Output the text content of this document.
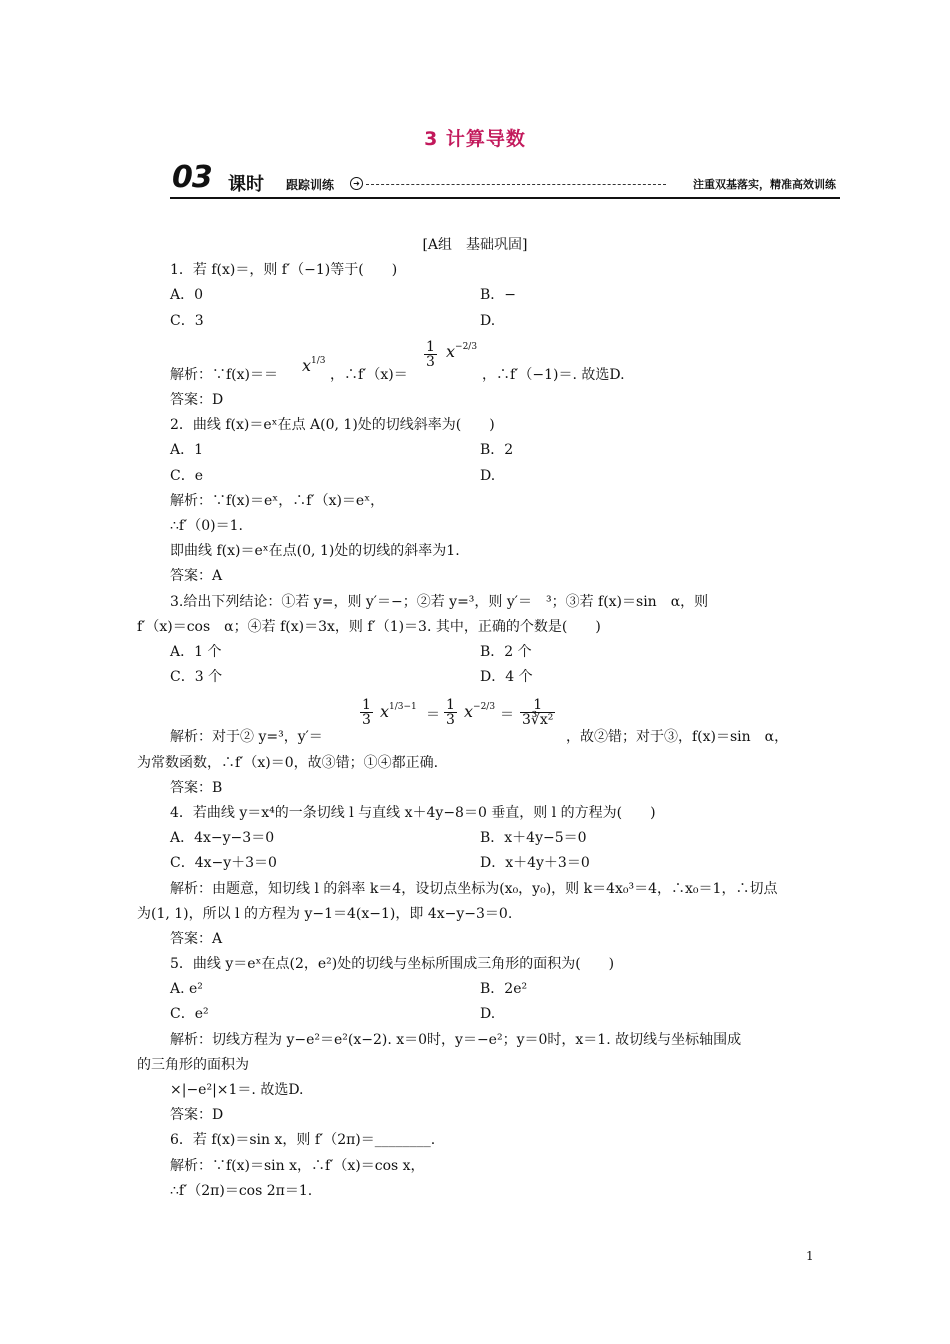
3 计算导数
03 课时 跟踪训练	➜	注重双基落实，精准高效训练
[A组　基础巩固]
1．若 f(x)＝，则 f′（−1)等于(　　)
A．0	B．−
C．3	D.
解析：∵f(x)＝＝ $x^{1/3}$
，∴f′（x)＝
$\frac{1}{3} x^{-2/3}$
，∴f′（−1)＝. 故选D.
答案：D
2．曲线 f(x)＝eˣ在点 A(0, 1)处的切线斜率为(　　)
A．1	B．2
C．e	D.
解析：∵f(x)＝eˣ，∴f′（x)＝eˣ，
∴f′（0)＝1.
即曲线 f(x)＝eˣ在点(0, 1)处的切线的斜率为1.
答案：A
3.给出下列结论：①若 y=，则 y′＝−；②若 y=³，则 y′＝　³；③若 f(x)＝sin　α，则
f′（x)＝cos　α；④若 f(x)＝3x，则 f′（1)＝3. 其中，正确的个数是(　　)
A．1 个	B．2 个
C．3 个	D．4 个
$\frac{1}{3} x^{1/3-1} = \frac{1}{3} x^{-2/3} = \frac{1}{\text{3∛x²}}$
解析：对于② y=³，y′＝	，故②错；对于③，f(x)＝sin　α，
为常数函数，∴f′（x)＝0，故③错；①④都正确.
答案：B
4．若曲线 y＝x⁴的一条切线 l 与直线 x＋4y−8＝0 垂直，则 l 的方程为(　　)
A．4x−y−3＝0	B．x＋4y−5＝0
C．4x−y＋3＝0	D．x＋4y＋3＝0
解析：由题意，知切线 l 的斜率 k＝4，设切点坐标为(x₀，y₀)，则 k＝4x₀³＝4，∴x₀＝1，∴切点
为(1, 1)，所以 l 的方程为 y−1＝4(x−1)，即 4x−y−3＝0.
答案：A
5．曲线 y＝eˣ在点(2，e²)处的切线与坐标所围成三角形的面积为(　　)
A. e²	B．2e²
C．e²	D.
解析：切线方程为 y−e²＝e²(x−2). x＝0时，y＝−e²；y＝0时，x＝1. 故切线与坐标轴围成
的三角形的面积为
×|−e²|×1＝. 故选D.
答案：D
6．若 f(x)＝sin x，则 f′（2π)＝________.
解析：∵f(x)＝sin x，∴f′（x)＝cos x，
∴f′（2π)＝cos 2π＝1.
1
